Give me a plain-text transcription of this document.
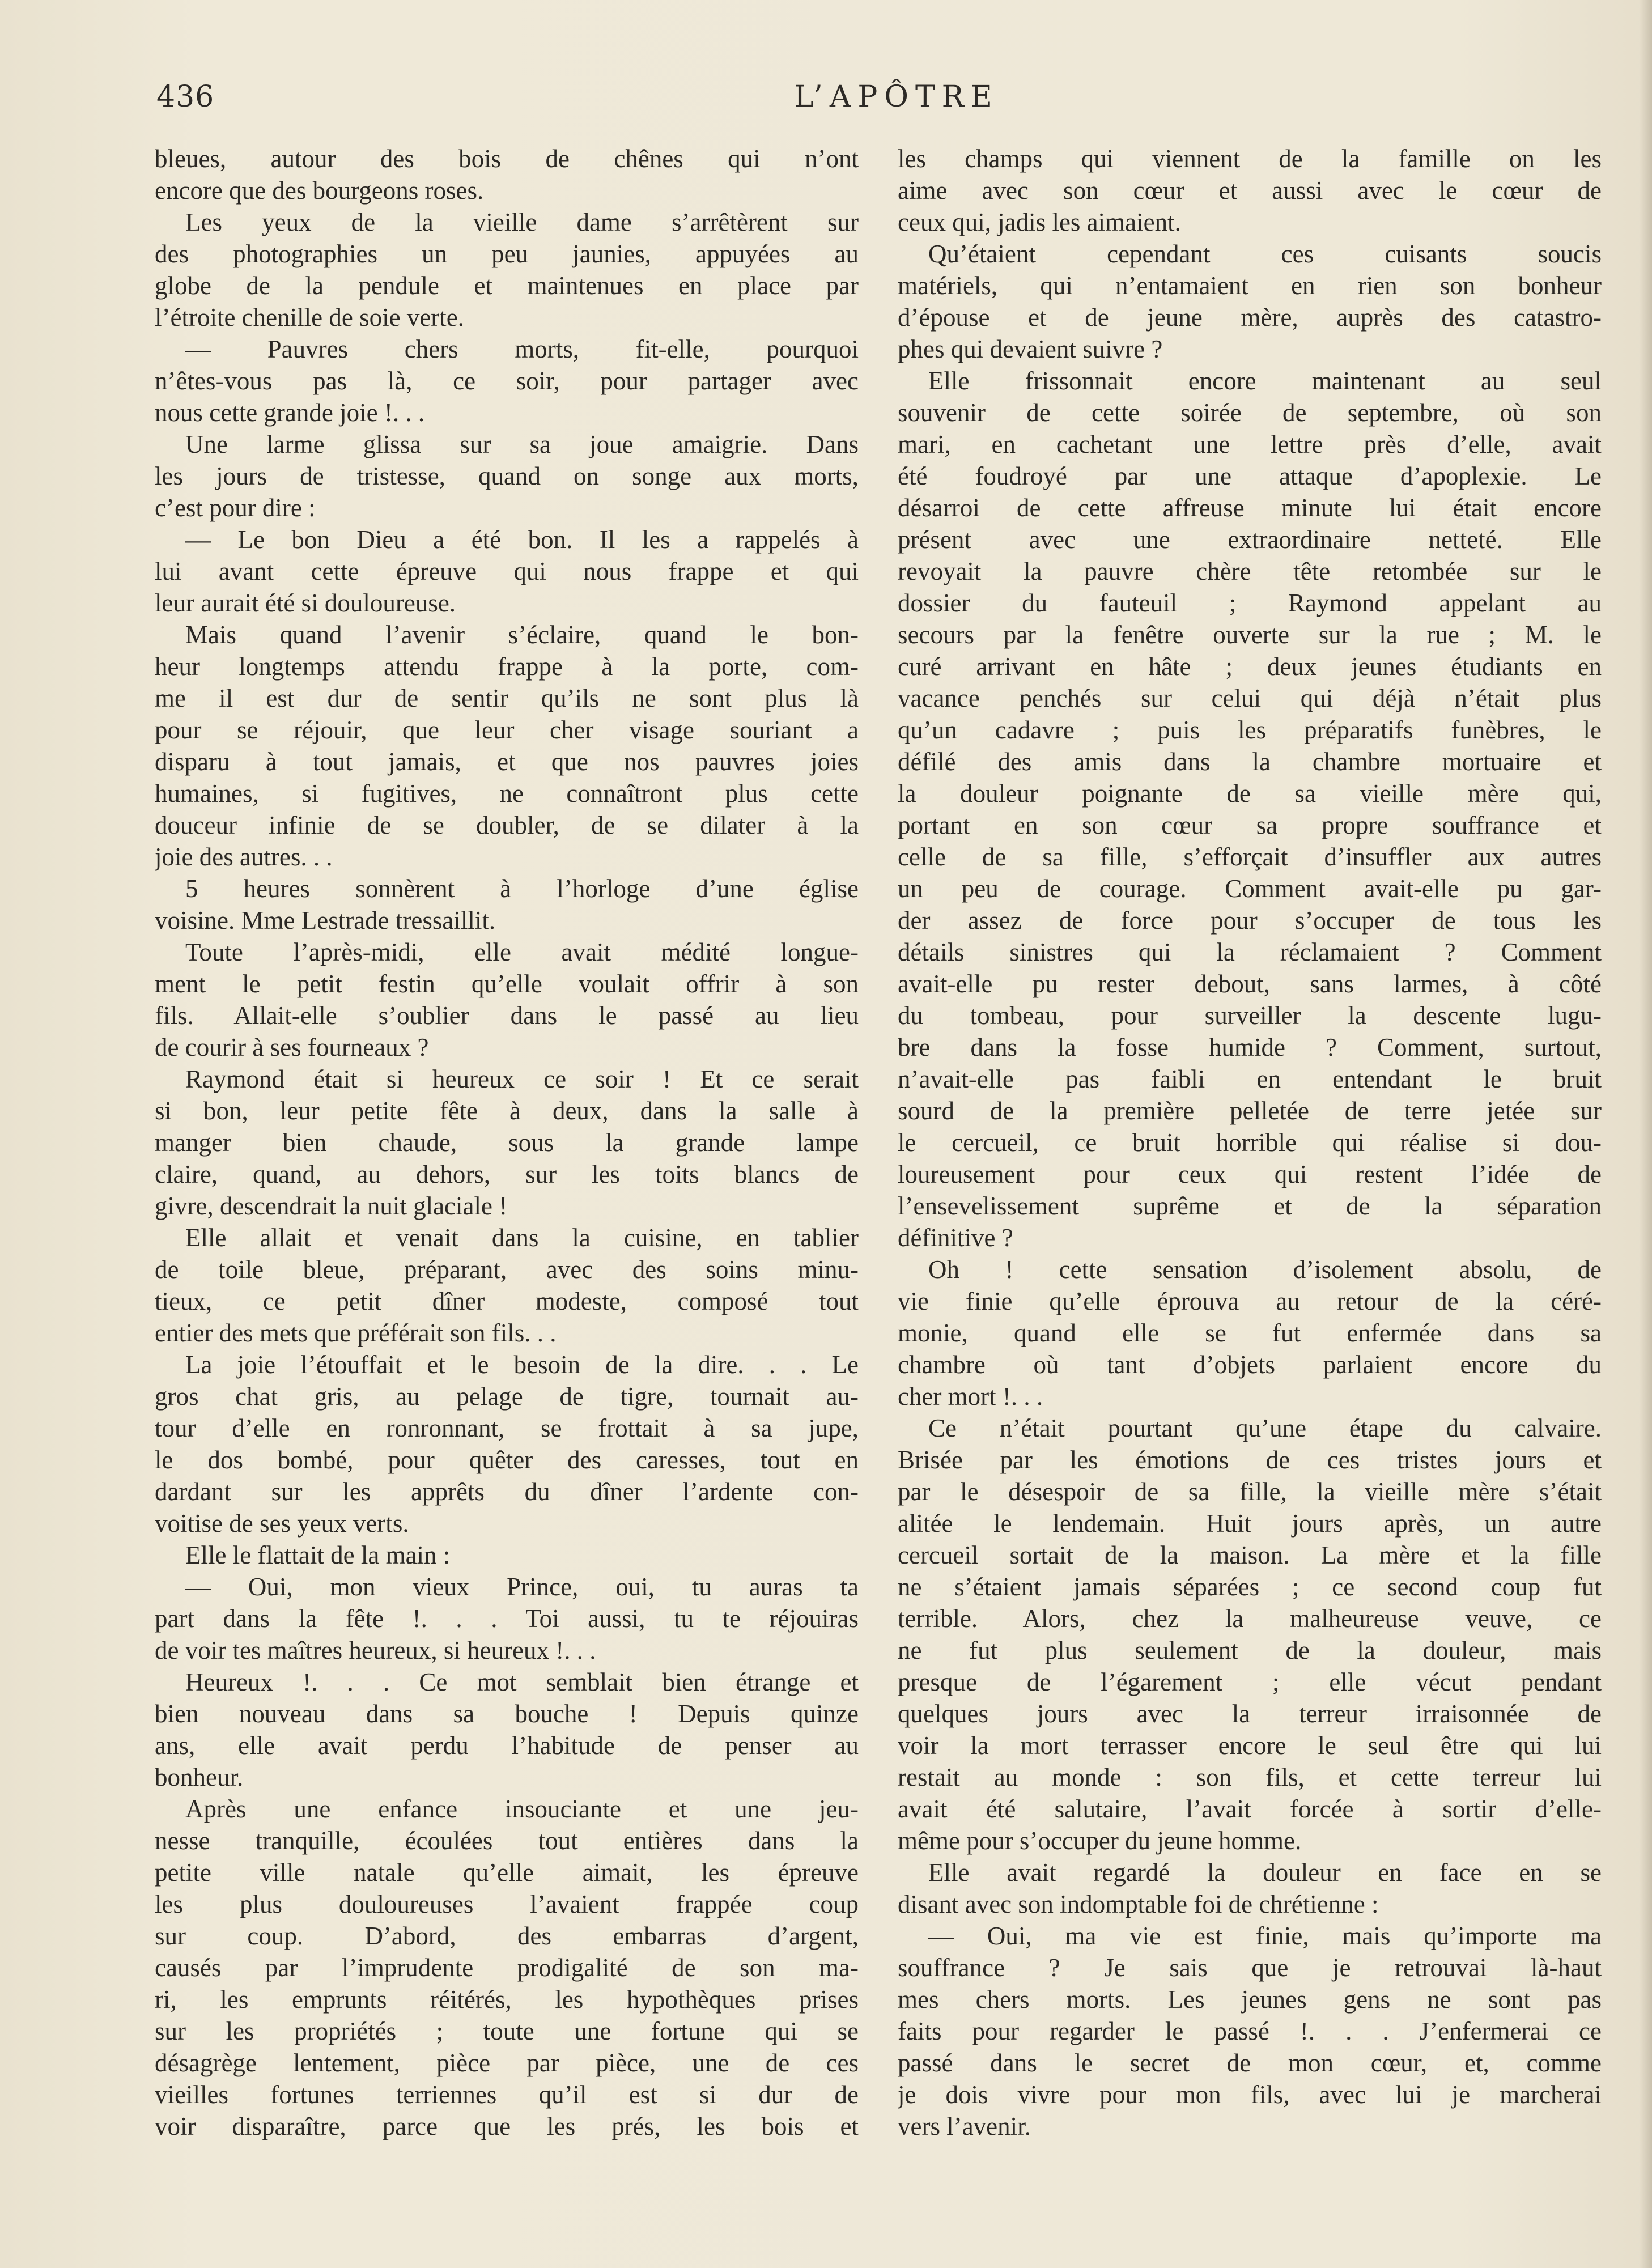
436	L’APÔTRE
bleues, autour des bois de chênes qui n’ont
encore que des bourgeons roses.
Les yeux de la vieille dame s’arrêtèrent sur
des photographies un peu jaunies, appuyées au
globe de la pendule et maintenues en place par
l’étroite chenille de soie verte.
— Pauvres chers morts, fit-elle, pourquoi
n’êtes-vous pas là, ce soir, pour partager avec
nous cette grande joie !. . .
Une larme glissa sur sa joue amaigrie. Dans
les jours de tristesse, quand on songe aux morts,
c’est pour dire :
— Le bon Dieu a été bon. Il les a rappelés à
lui avant cette épreuve qui nous frappe et qui
leur aurait été si douloureuse.
Mais quand l’avenir s’éclaire, quand le bon-
heur longtemps attendu frappe à la porte, com-
me il est dur de sentir qu’ils ne sont plus là
pour se réjouir, que leur cher visage souriant a
disparu à tout jamais, et que nos pauvres joies
humaines, si fugitives, ne connaîtront plus cette
douceur infinie de se doubler, de se dilater à la
joie des autres. . .
5 heures sonnèrent à l’horloge d’une église
voisine. Mme Lestrade tressaillit.
Toute l’après-midi, elle avait médité longue-
ment le petit festin qu’elle voulait offrir à son
fils. Allait-elle s’oublier dans le passé au lieu
de courir à ses fourneaux ?
Raymond était si heureux ce soir ! Et ce serait
si bon, leur petite fête à deux, dans la salle à
manger bien chaude, sous la grande lampe
claire, quand, au dehors, sur les toits blancs de
givre, descendrait la nuit glaciale !
Elle allait et venait dans la cuisine, en tablier
de toile bleue, préparant, avec des soins minu-
tieux, ce petit dîner modeste, composé tout
entier des mets que préférait son fils. . .
La joie l’étouffait et le besoin de la dire. . . Le
gros chat gris, au pelage de tigre, tournait au-
tour d’elle en ronronnant, se frottait à sa jupe,
le dos bombé, pour quêter des caresses, tout en
dardant sur les apprêts du dîner l’ardente con-
voitise de ses yeux verts.
Elle le flattait de la main :
— Oui, mon vieux Prince, oui, tu auras ta
part dans la fête !. . . Toi aussi, tu te réjouiras
de voir tes maîtres heureux, si heureux !. . .
Heureux !. . . Ce mot semblait bien étrange et
bien nouveau dans sa bouche ! Depuis quinze
ans, elle avait perdu l’habitude de penser au
bonheur.
Après une enfance insouciante et une jeu-
nesse tranquille, écoulées tout entières dans la
petite ville natale qu’elle aimait, les épreuve
les plus douloureuses l’avaient frappée coup
sur coup. D’abord, des embarras d’argent,
causés par l’imprudente prodigalité de son ma-
ri, les emprunts réitérés, les hypothèques prises
sur les propriétés ; toute une fortune qui se
désagrège lentement, pièce par pièce, une de ces
vieilles fortunes terriennes qu’il est si dur de
voir disparaître, parce que les prés, les bois et
les champs qui viennent de la famille on les
aime avec son cœur et aussi avec le cœur de
ceux qui, jadis les aimaient.
Qu’étaient cependant ces cuisants soucis
matériels, qui n’entamaient en rien son bonheur
d’épouse et de jeune mère, auprès des catastro-
phes qui devaient suivre ?
Elle frissonnait encore maintenant au seul
souvenir de cette soirée de septembre, où son
mari, en cachetant une lettre près d’elle, avait
été foudroyé par une attaque d’apoplexie. Le
désarroi de cette affreuse minute lui était encore
présent avec une extraordinaire netteté. Elle
revoyait la pauvre chère tête retombée sur le
dossier du fauteuil ; Raymond appelant au
secours par la fenêtre ouverte sur la rue ; M. le
curé arrivant en hâte ; deux jeunes étudiants en
vacance penchés sur celui qui déjà n’était plus
qu’un cadavre ; puis les préparatifs funèbres, le
défilé des amis dans la chambre mortuaire et
la douleur poignante de sa vieille mère qui,
portant en son cœur sa propre souffrance et
celle de sa fille, s’efforçait d’insuffler aux autres
un peu de courage. Comment avait-elle pu gar-
der assez de force pour s’occuper de tous les
détails sinistres qui la réclamaient ? Comment
avait-elle pu rester debout, sans larmes, à côté
du tombeau, pour surveiller la descente lugu-
bre dans la fosse humide ? Comment, surtout,
n’avait-elle pas faibli en entendant le bruit
sourd de la première pelletée de terre jetée sur
le cercueil, ce bruit horrible qui réalise si dou-
loureusement pour ceux qui restent l’idée de
l’ensevelissement suprême et de la séparation
définitive ?
Oh ! cette sensation d’isolement absolu, de
vie finie qu’elle éprouva au retour de la céré-
monie, quand elle se fut enfermée dans sa
chambre où tant d’objets parlaient encore du
cher mort !. . .
Ce n’était pourtant qu’une étape du calvaire.
Brisée par les émotions de ces tristes jours et
par le désespoir de sa fille, la vieille mère s’était
alitée le lendemain. Huit jours après, un autre
cercueil sortait de la maison. La mère et la fille
ne s’étaient jamais séparées ; ce second coup fut
terrible. Alors, chez la malheureuse veuve, ce
ne fut plus seulement de la douleur, mais
presque de l’égarement ; elle vécut pendant
quelques jours avec la terreur irraisonnée de
voir la mort terrasser encore le seul être qui lui
restait au monde : son fils, et cette terreur lui
avait été salutaire, l’avait forcée à sortir d’elle-
même pour s’occuper du jeune homme.
Elle avait regardé la douleur en face en se
disant avec son indomptable foi de chrétienne :
— Oui, ma vie est finie, mais qu’importe ma
souffrance ? Je sais que je retrouvai là-haut
mes chers morts. Les jeunes gens ne sont pas
faits pour regarder le passé !. . . J’enfermerai ce
passé dans le secret de mon cœur, et, comme
je dois vivre pour mon fils, avec lui je marcherai
vers l’avenir.
